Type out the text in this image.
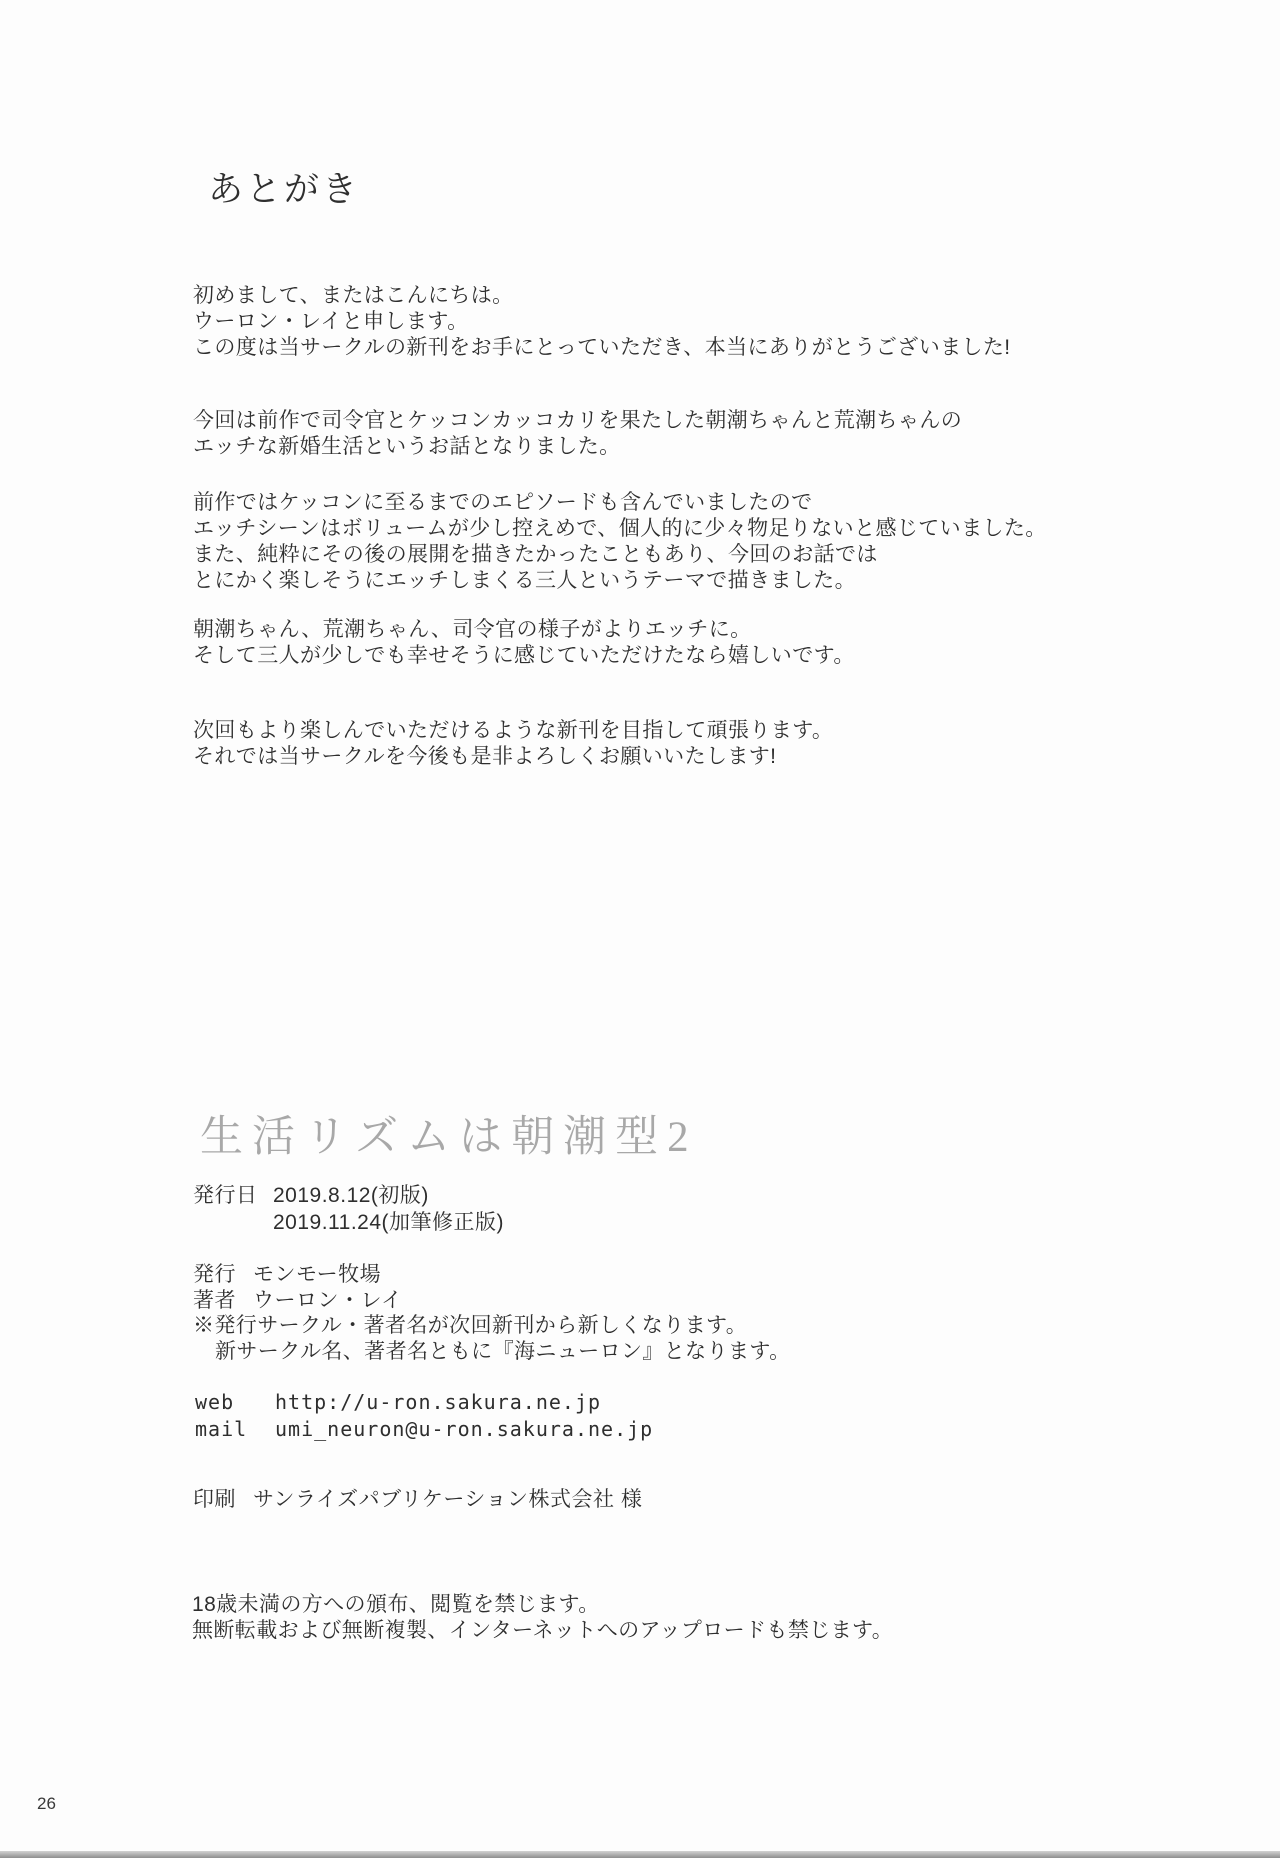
あとがき
初めまして、またはこんにちは。
ウーロン・レイと申します。
この度は当サークルの新刊をお手にとっていただき、本当にありがとうございました!
今回は前作で司令官とケッコンカッコカリを果たした朝潮ちゃんと荒潮ちゃんの
エッチな新婚生活というお話となりました。
前作ではケッコンに至るまでのエピソードも含んでいましたので
エッチシーンはボリュームが少し控えめで、個人的に少々物足りないと感じていました。
また、純粋にその後の展開を描きたかったこともあり、今回のお話では
とにかく楽しそうにエッチしまくる三人というテーマで描きました。
朝潮ちゃん、荒潮ちゃん、司令官の様子がよりエッチに。
そして三人が少しでも幸せそうに感じていただけたなら嬉しいです。
次回もより楽しんでいただけるような新刊を目指して頑張ります。
それでは当サークルを今後も是非よろしくお願いいたします!
生活リズムは朝潮型2
発行日 2019.8.12(初版)
2019.11.24(加筆修正版)
発行 モンモー牧場
著者 ウーロン・レイ
※発行サークル・著者名が次回新刊から新しくなります。
新サークル名、著者名ともに『海ニューロン』となります。
web	http://u-ron.sakura.ne.jp
mail	umi_neuron@u-ron.sakura.ne.jp
印刷 サンライズパブリケーション株式会社 様
18歳未満の方への頒布、閲覧を禁じます。
無断転載および無断複製、インターネットへのアップロードも禁じます。
26
